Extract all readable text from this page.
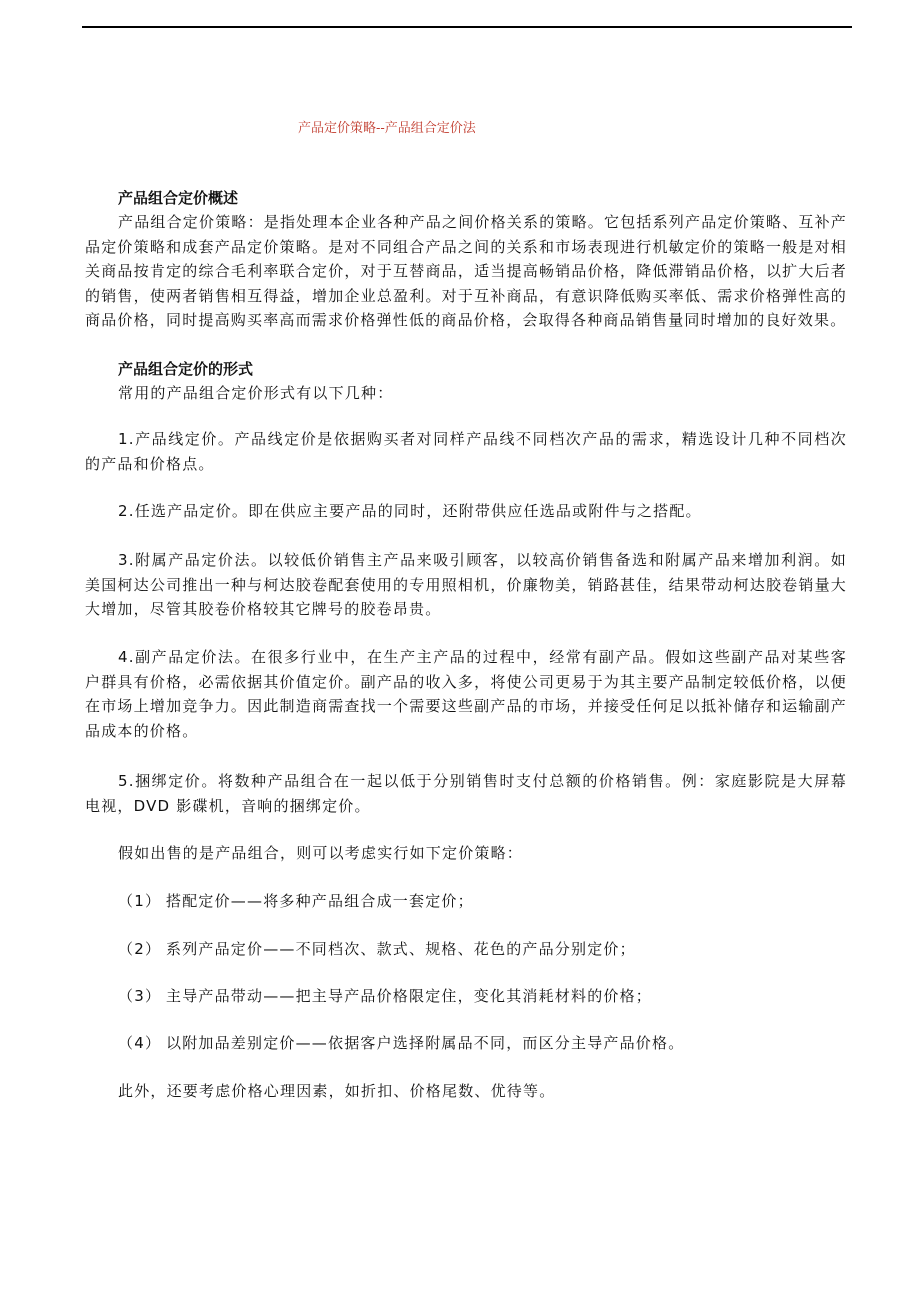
产品定价策略--产品组合定价法
产品组合定价概述

产品组合定价策略：是指处理本企业各种产品之间价格关系的策略。它包括系列产品定价策略、互补产品定价策略和成套产品定价策略。是对不同组合产品之间的关系和市场表现进行机敏定价的策略一般是对相关商品按肯定的综合毛利率联合定价，对于互替商品，适当提高畅销品价格，降低滞销品价格，以扩大后者的销售，使两者销售相互得益，增加企业总盈利。对于互补商品，有意识降低购买率低、需求价格弹性高的商品价格，同时提高购买率高而需求价格弹性低的商品价格，会取得各种商品销售量同时增加的良好效果。

产品组合定价的形式

常用的产品组合定价形式有以下几种：

1.产品线定价。产品线定价是依据购买者对同样产品线不同档次产品的需求，精选设计几种不同档次的产品和价格点。

2.任选产品定价。即在供应主要产品的同时，还附带供应任选品或附件与之搭配。

3.附属产品定价法。以较低价销售主产品来吸引顾客，以较高价销售备选和附属产品来增加利润。如美国柯达公司推出一种与柯达胶卷配套使用的专用照相机，价廉物美，销路甚佳，结果带动柯达胶卷销量大大增加，尽管其胶卷价格较其它牌号的胶卷昂贵。

4.副产品定价法。在很多行业中，在生产主产品的过程中，经常有副产品。假如这些副产品对某些客户群具有价格，必需依据其价值定价。副产品的收入多，将使公司更易于为其主要产品制定较低价格，以便在市场上增加竞争力。因此制造商需查找一个需要这些副产品的市场，并接受任何足以抵补储存和运输副产品成本的价格。

5.捆绑定价。将数种产品组合在一起以低于分别销售时支付总额的价格销售。例：家庭影院是大屏幕电视，DVD 影碟机，音响的捆绑定价。

假如出售的是产品组合，则可以考虑实行如下定价策略：

（1） 搭配定价——将多种产品组合成一套定价；
（2） 系列产品定价——不同档次、款式、规格、花色的产品分别定价；
（3） 主导产品带动——把主导产品价格限定住，变化其消耗材料的价格；
（4） 以附加品差别定价——依据客户选择附属品不同，而区分主导产品价格。

此外，还要考虑价格心理因素，如折扣、价格尾数、优待等。
